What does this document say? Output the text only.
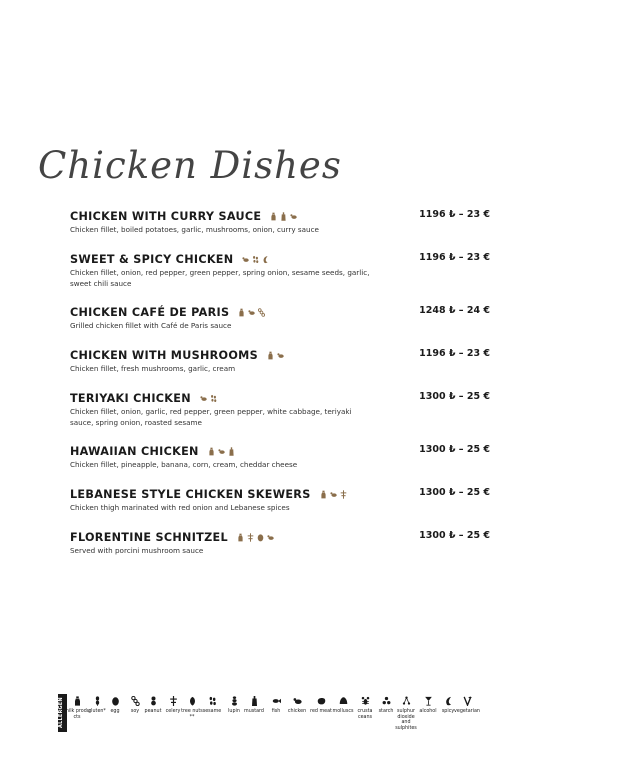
Chicken Dishes
CHICKEN WITH CURRY SAUCE	1196 ₺ – 23 €
Chicken fillet, boiled potatoes, garlic, mushrooms, onion, curry sauce
SWEET & SPICY CHICKEN	1196 ₺ – 23 €
Chicken fillet, onion, red pepper, green pepper, spring onion, sesame seeds, garlic, sweet chili sauce
CHICKEN CAFÉ DE PARIS	1248 ₺ – 24 €
Grilled chicken fillet with Café de Paris sauce
CHICKEN WITH MUSHROOMS	1196 ₺ – 23 €
Chicken fillet, fresh mushrooms, garlic, cream
TERIYAKI CHICKEN	1300 ₺ – 25 €
Chicken fillet, onion, garlic, red pepper, green pepper, white cabbage, teriyaki sauce, spring onion, roasted sesame
HAWAIIAN CHICKEN	1300 ₺ – 25 €
Chicken fillet, pineapple, banana, corn, cream, cheddar cheese
LEBANESE STYLE CHICKEN SKEWERS	1300 ₺ – 25 €
Chicken thigh marinated with red onion and Lebanese spices
FLORENTINE SCHNITZEL	1300 ₺ – 25 €
Served with porcini mushroom sauce
ALLERGEN milk produ cts
gluten* egg	soy	peanut celery tree nuts **
sesame	lupin mustard	fish	chicken red meat molluscs crusta ceans
starch sulphur dioxide and sulphites
alcohol	spicy vegetarian
